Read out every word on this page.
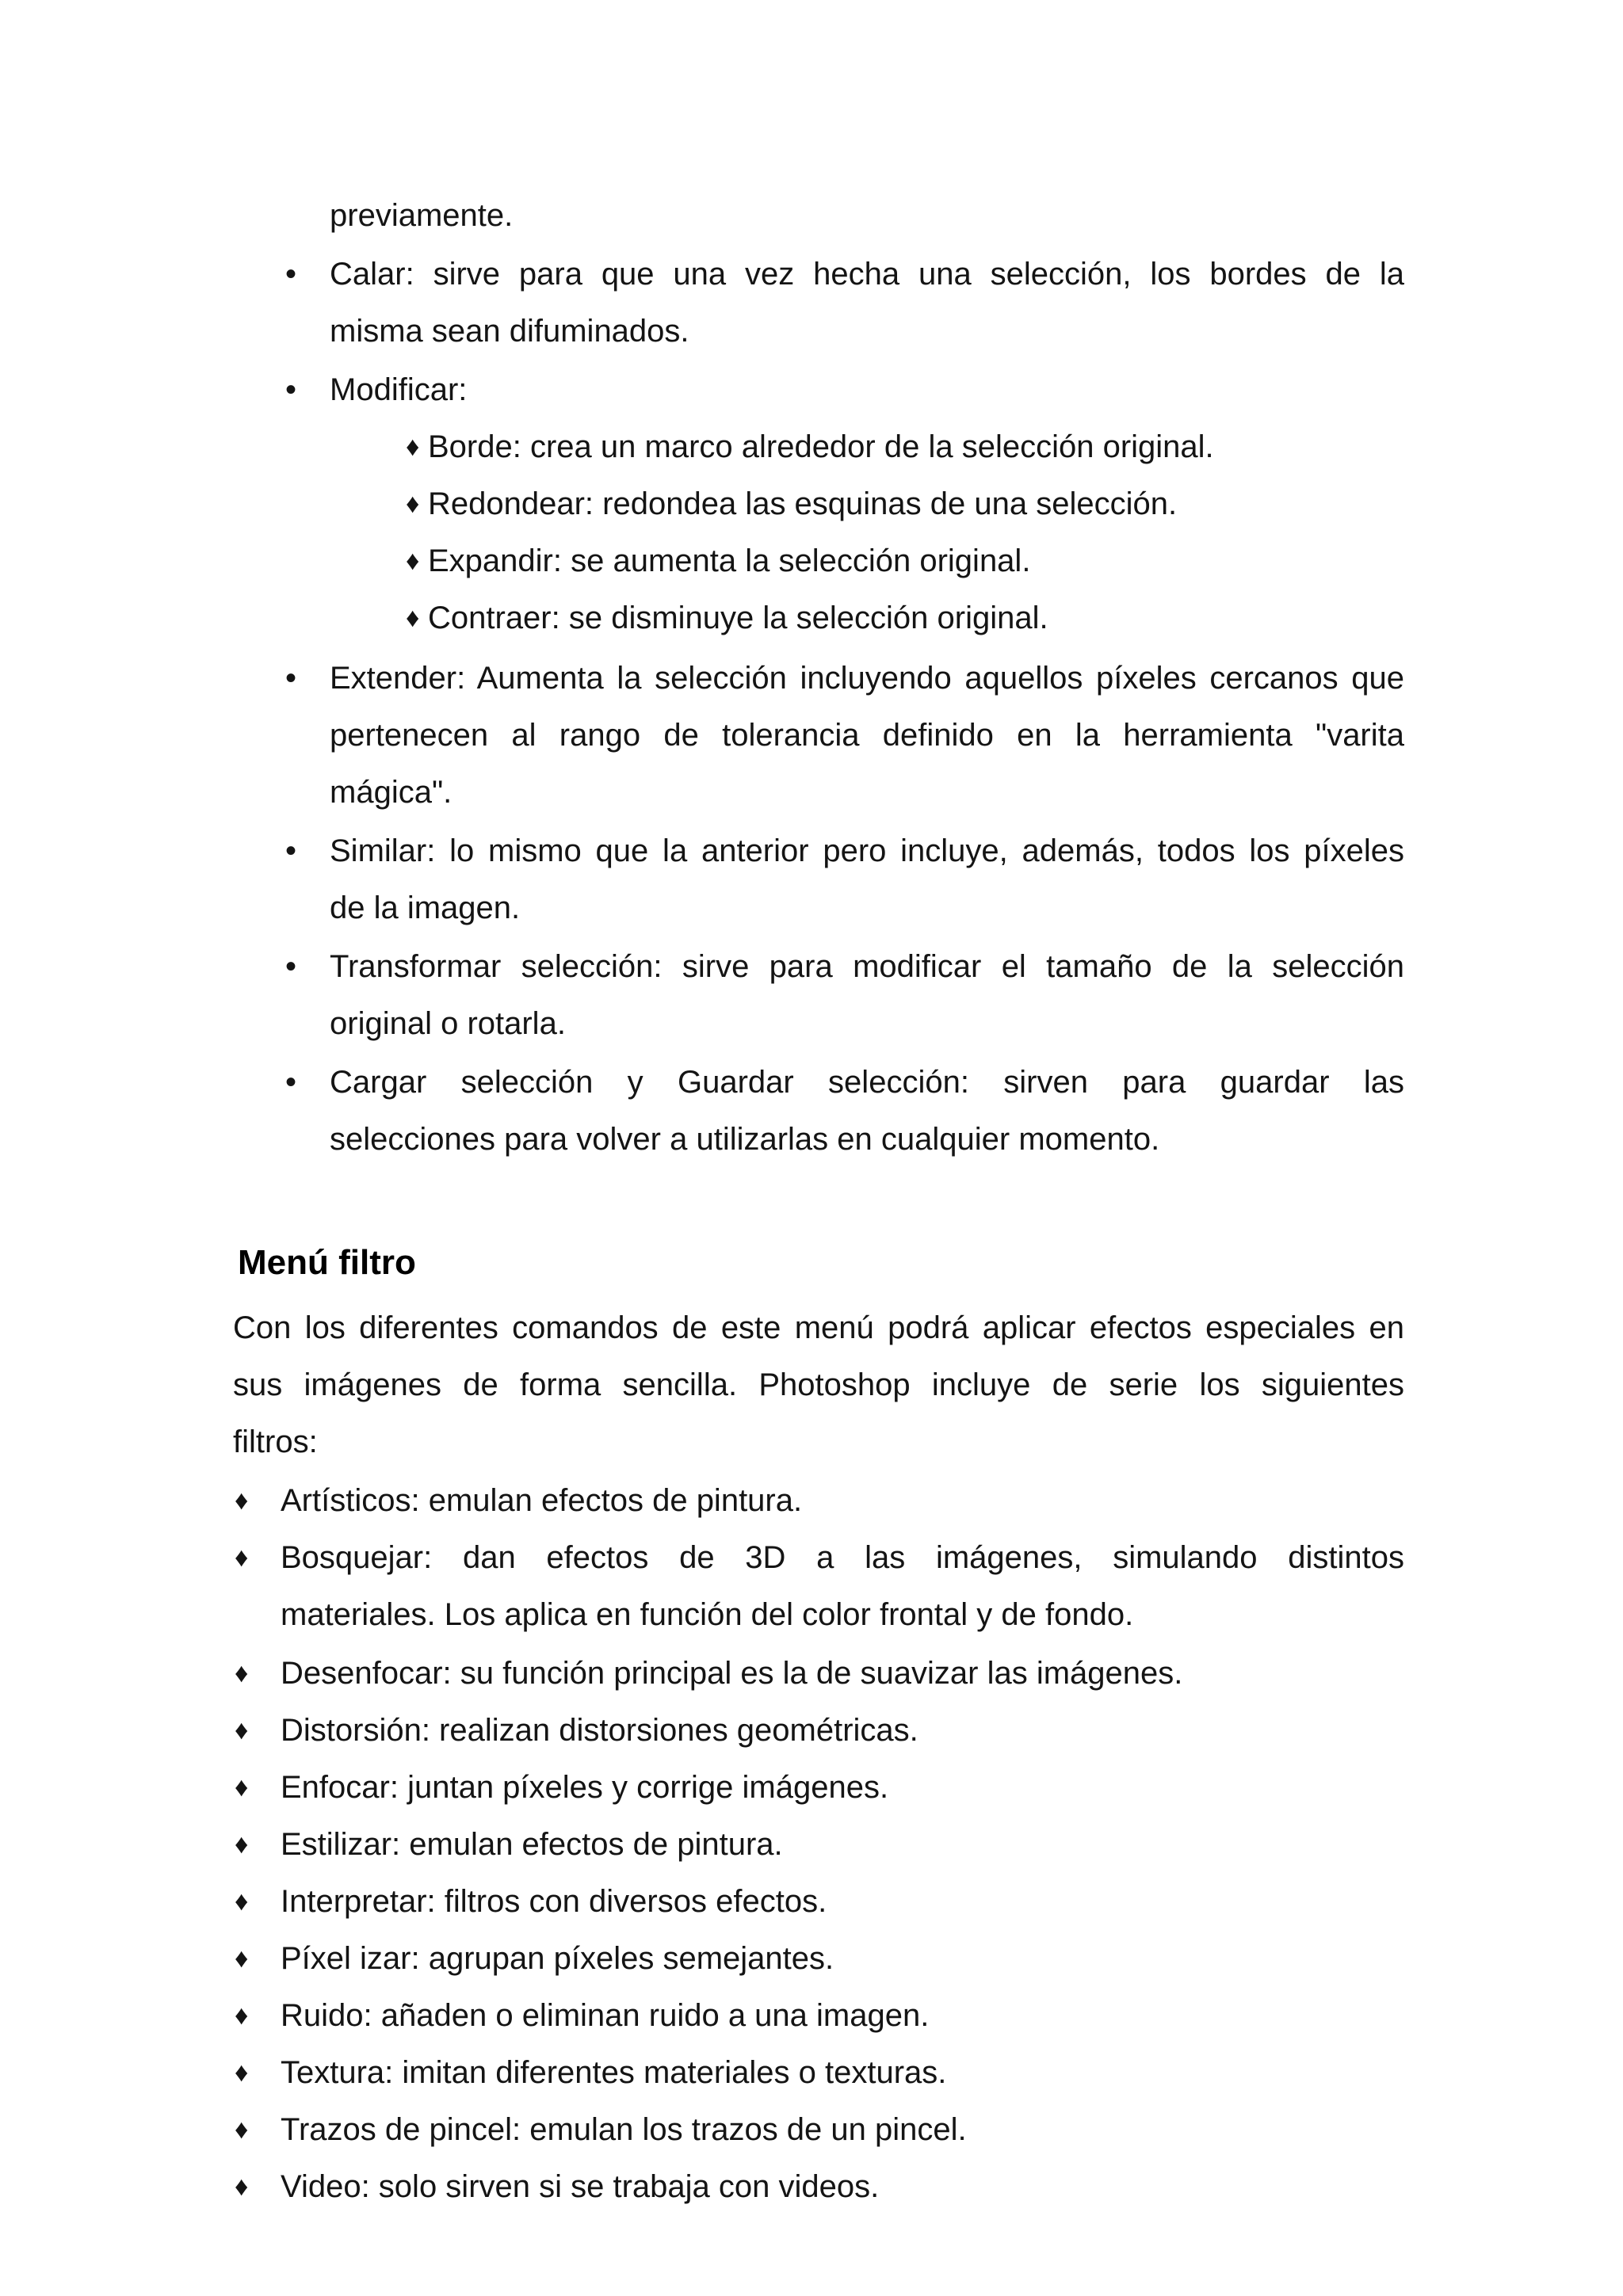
previamente.
• Calar: sirve para que una vez hecha una selección, los bordes de la
misma sean difuminados.
• Modificar:
♦ Borde: crea un marco alrededor de la selección original.
♦ Redondear: redondea las esquinas de una selección.
♦ Expandir: se aumenta la selección original.
♦ Contraer: se disminuye la selección original.
• Extender: Aumenta la selección incluyendo aquellos píxeles cercanos que
pertenecen al rango de tolerancia definido en la herramienta "varita
mágica".
• Similar: lo mismo que la anterior pero incluye, además, todos los píxeles
de la imagen.
• Transformar selección: sirve para modificar el tamaño de la selección
original o rotarla.
• Cargar selección y Guardar selección: sirven para guardar las
selecciones para volver a utilizarlas en cualquier momento.
Menú filtro
Con los diferentes comandos de este menú podrá aplicar efectos especiales en
sus imágenes de forma sencilla. Photoshop incluye de serie los siguientes
filtros:
♦ Artísticos: emulan efectos de pintura.
♦ Bosquejar: dan efectos de 3D a las imágenes, simulando distintos
materiales. Los aplica en función del color frontal y de fondo.
♦ Desenfocar: su función principal es la de suavizar las imágenes.
♦ Distorsión: realizan distorsiones geométricas.
♦ Enfocar: juntan píxeles y corrige imágenes.
♦ Estilizar: emulan efectos de pintura.
♦ Interpretar: filtros con diversos efectos.
♦ Píxel izar: agrupan píxeles semejantes.
♦ Ruido: añaden o eliminan ruido a una imagen.
♦ Textura: imitan diferentes materiales o texturas.
♦ Trazos de pincel: emulan los trazos de un pincel.
♦ Video: solo sirven si se trabaja con videos.
